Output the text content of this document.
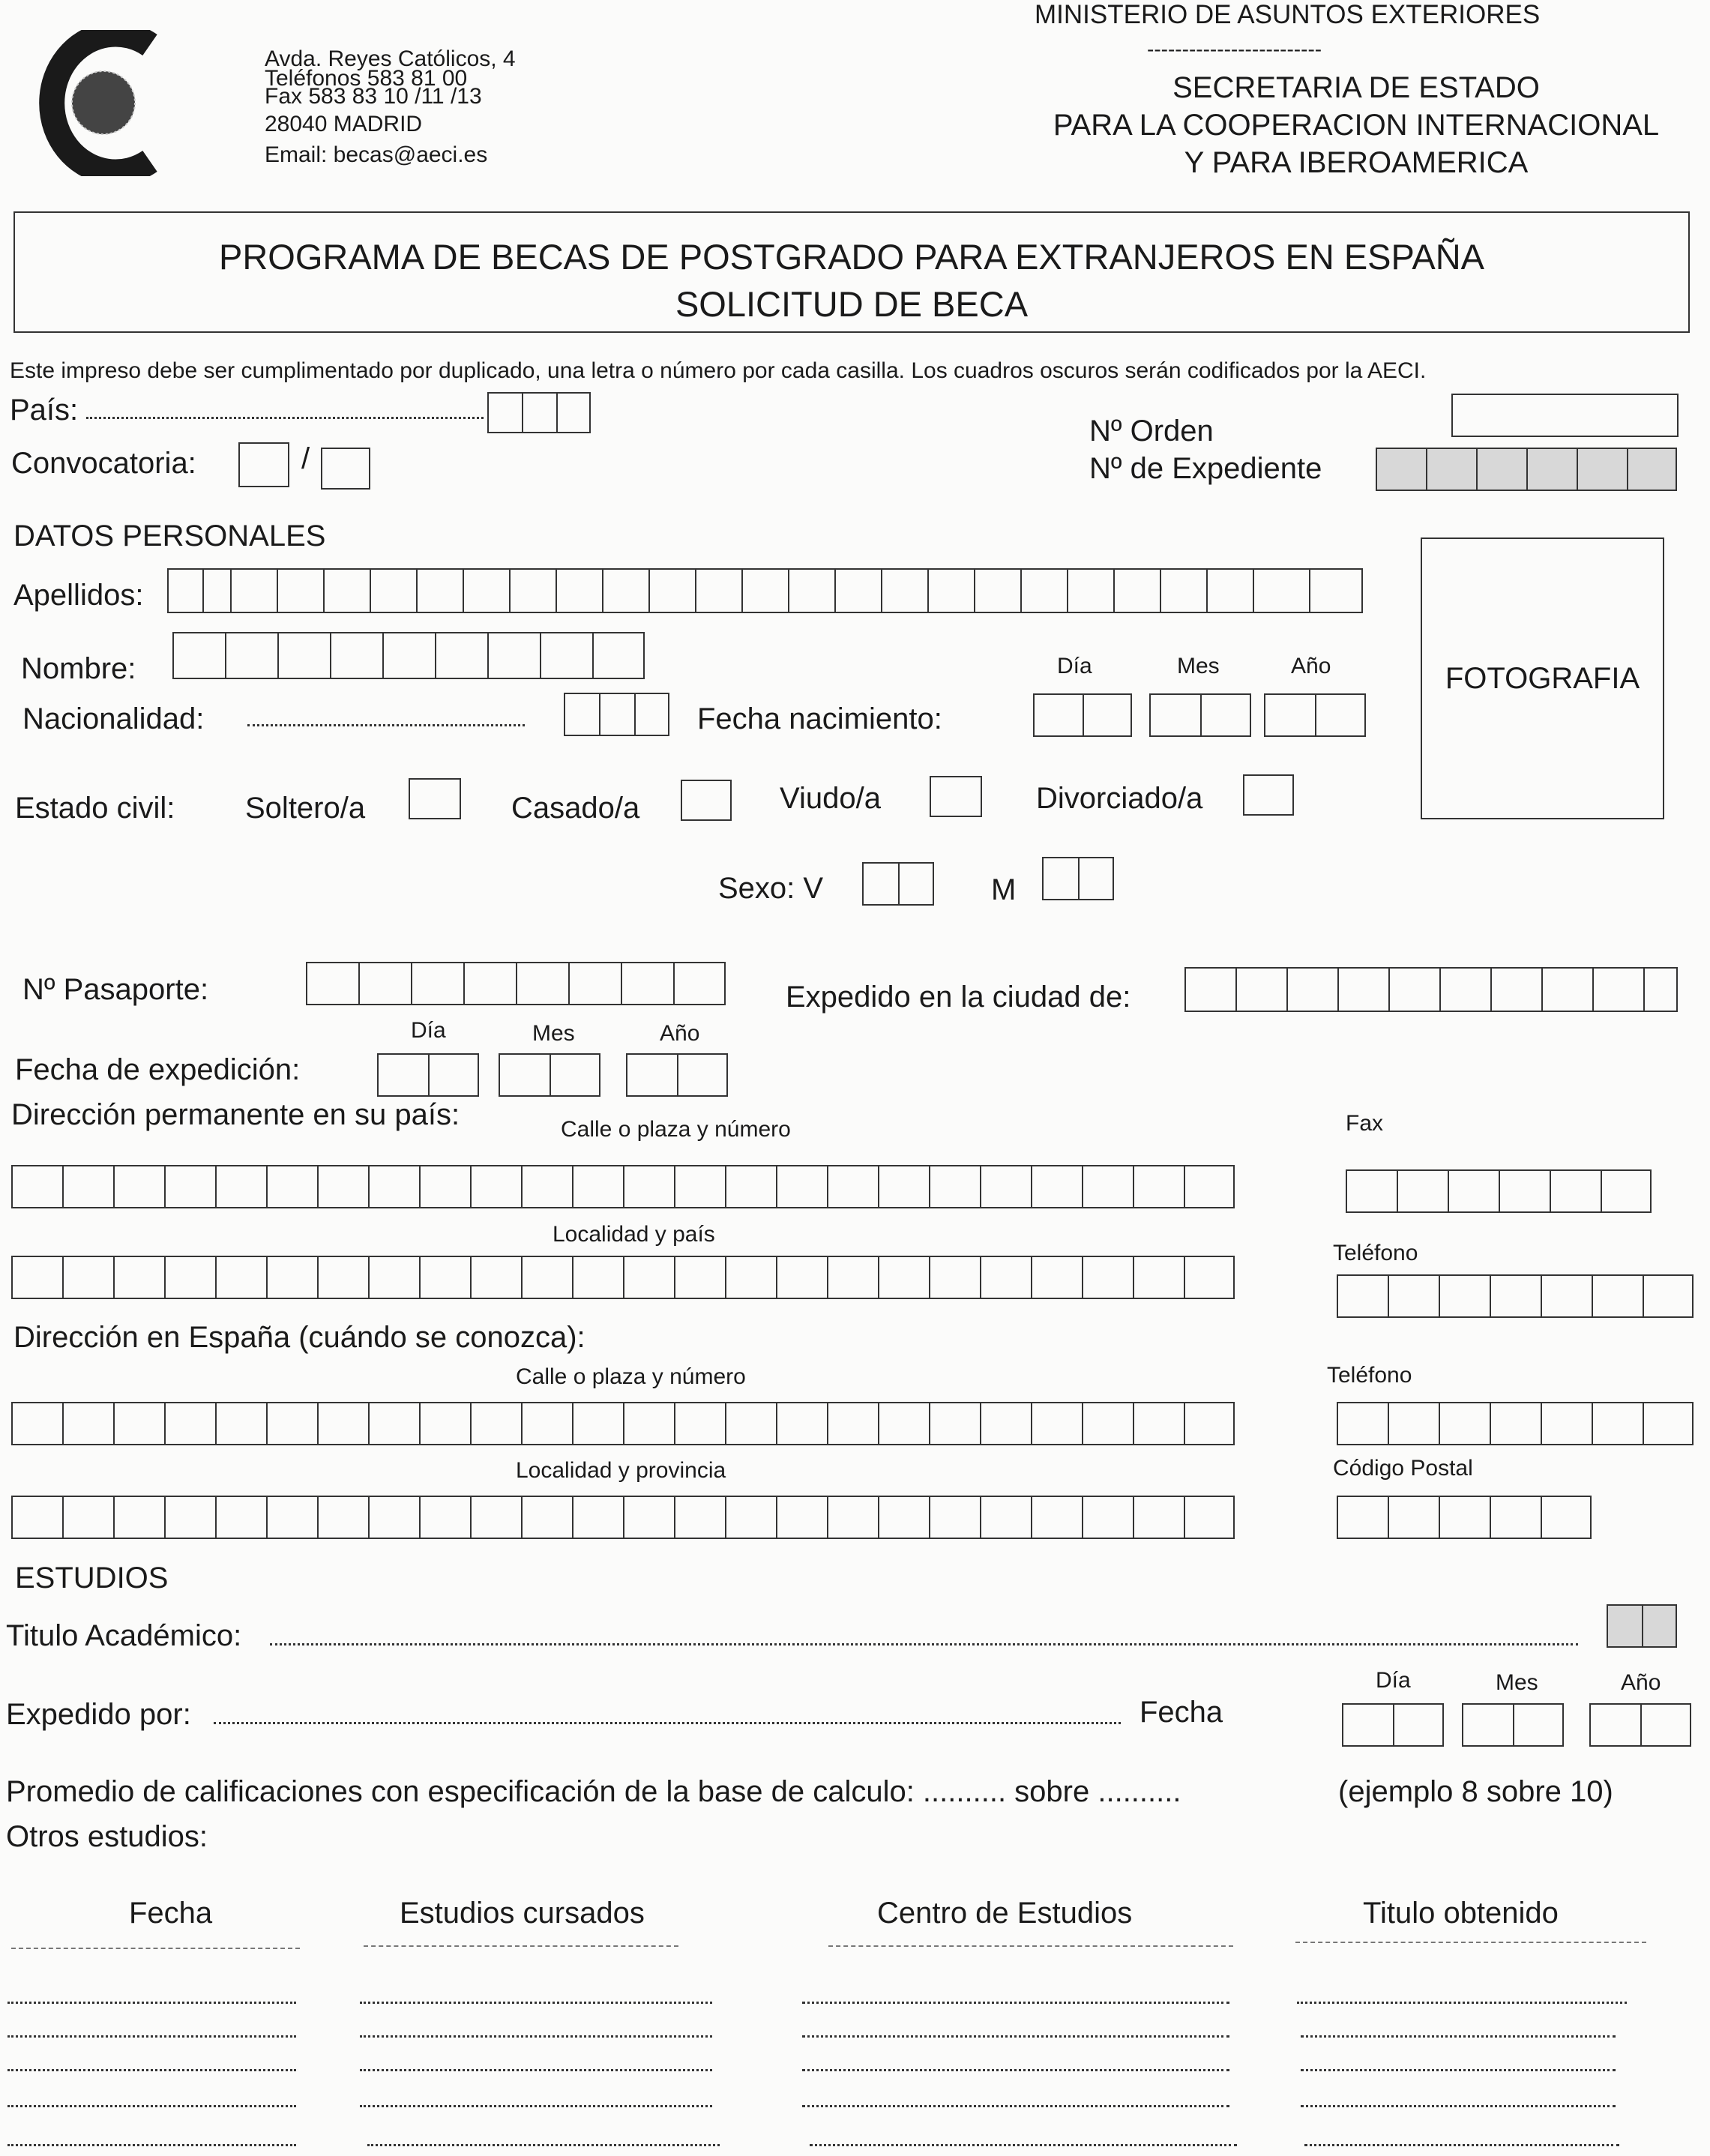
Avda. Reyes Católicos, 4
Teléfonos 583 81 00
Fax 583 83 10 /11 /13
28040 MADRID
Email: becas@aeci.es
MINISTERIO DE ASUNTOS EXTERIORES
-------------------------
SECRETARIA DE ESTADO
PARA LA COOPERACION INTERNACIONAL
Y PARA IBEROAMERICA
PROGRAMA DE BECAS DE POSTGRADO PARA EXTRANJEROS EN ESPAÑA
SOLICITUD DE BECA
Este impreso debe ser cumplimentado por duplicado, una letra o número por cada casilla. Los cuadros oscuros serán codificados por la AECI.
País:
Convocatoria:	/
Nº Orden
Nº de Expediente
DATOS PERSONALES
Apellidos:
Nombre:	Día	Mes	Año	FOTOGRAFIA
Nacionalidad:	Fecha nacimiento:
Estado civil: Soltero/a	Casado/a	Viudo/a	Divorciado/a
Sexo: V	M
Nº Pasaporte:	Expedido en la ciudad de:
Día	Mes	Año
Fecha de expedición:
Dirección permanente en su país:	Calle o plaza y número	Fax
Localidad y país
Teléfono
Dirección en España (cuándo se conozca):
Calle o plaza y número	Teléfono
Localidad y provincia	Código Postal
ESTUDIOS
Titulo Académico:
Día	Mes	Año
Expedido por:	Fecha
Promedio de calificaciones con especificación de la base de calculo: .......... sobre ..........	(ejemplo 8 sobre 10)
Otros estudios:
Fecha	Estudios cursados	Centro de Estudios	Titulo obtenido
